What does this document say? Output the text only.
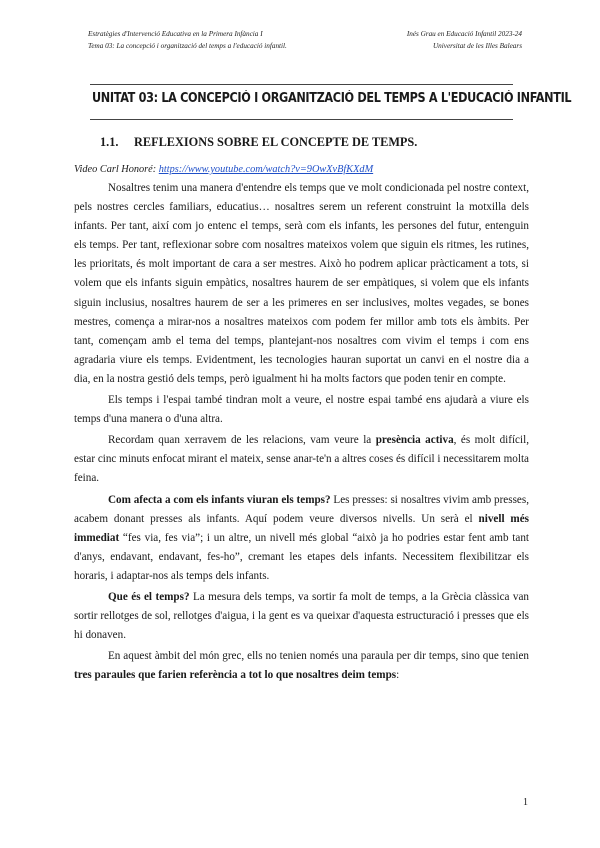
Estratègies d'Intervenció Educativa en la Primera Infància I
Tema 03: La concepció i organització del temps a l'educació infantil.
Inés Grau en Educació Infantil 2023-24
Universitat de les Illes Balears
UNITAT 03: LA CONCEPCIÓ I ORGANITZACIÓ DEL TEMPS A L'EDUCACIÓ INFANTIL
1.1. REFLEXIONS SOBRE EL CONCEPTE DE TEMPS.
Video Carl Honoré: https://www.youtube.com/watch?v=9OwXvBfKXdM

Nosaltres tenim una manera d'entendre els temps que ve molt condicionada pel nostre context, pels nostres cercles familiars, educatius… nosaltres serem un referent construint la motxilla dels infants. Per tant, així com jo entenc el temps, serà com els infants, les persones del futur, entenguin els temps. Per tant, reflexionar sobre com nosaltres mateixos volem que siguin els ritmes, les rutines, les prioritats, és molt important de cara a ser mestres. Això ho podrem aplicar pràcticament a tots, si volem que els infants siguin empàtics, nosaltres haurem de ser empàtiques, si volem que els infants siguin inclusius, nosaltres haurem de ser a les primeres en ser inclusives, moltes vegades, se bones mestres, comença a mirar-nos a nosaltres mateixos com podem fer millor amb tots els àmbits. Per tant, començam amb el tema del temps, plantejant-nos nosaltres com vivim el temps i com ens agradaria viure els temps. Evidentment, les tecnologies hauran suportat un canvi en el nostre dia a dia, en la nostra gestió dels temps, però igualment hi ha molts factors que poden tenir en compte.

Els temps i l'espai també tindran molt a veure, el nostre espai també ens ajudarà a viure els temps d'una manera o d'una altra.

Recordam quan xerravem de les relacions, vam veure la presència activa, és molt difícil, estar cinc minuts enfocat mirant el mateix, sense anar-te'n a altres coses és difícil i necessitarem molta feina.

Com afecta a com els infants viuran els temps? Les presses: si nosaltres vivim amb presses, acabem donant presses als infants. Aquí podem veure diversos nivells. Un serà el nivell més immediat “fes via, fes via”; i un altre, un nivell més global “això ja ho podries estar fent amb tant d'anys, endavant, endavant, fes-ho”, cremant les etapes dels infants. Necessitem flexibilitzar els horaris, i adaptar-nos als temps dels infants.

Que és el temps? La mesura dels temps, va sortir fa molt de temps, a la Grècia clàssica van sortir rellotges de sol, rellotges d'aigua, i la gent es va queixar d'aquesta estructuració i presses que els hi donaven.

En aquest àmbit del món grec, ells no tenien només una paraula per dir temps, sino que tenien tres paraules que farien referència a tot lo que nosaltres deim temps:

1
